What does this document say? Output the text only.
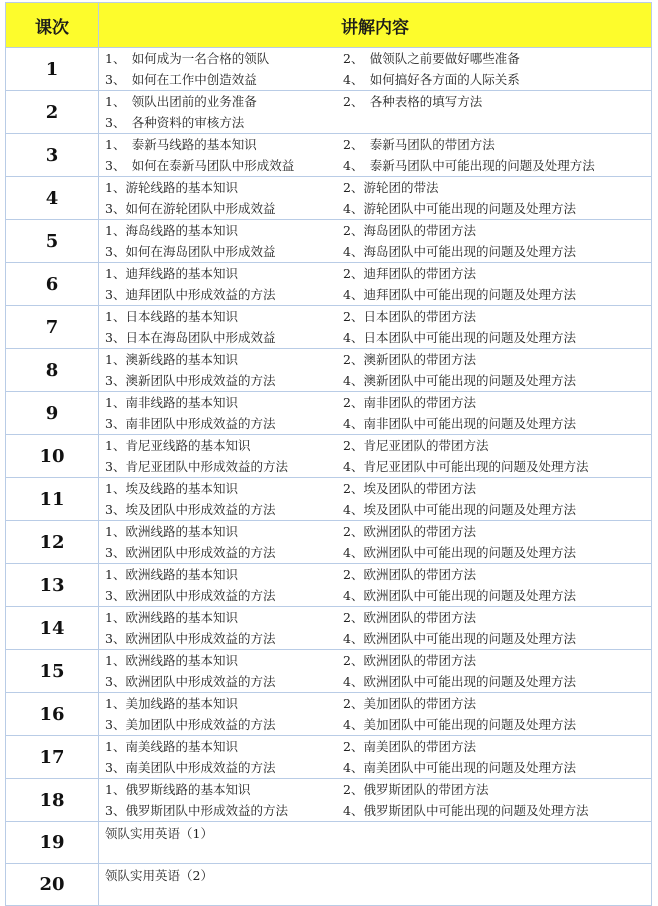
课次	讲解内容
1	1、　如何成为一名合格的领队 2、　做领队之前要做好哪些准备
3、　如何在工作中创造效益 4、　如何搞好各方面的人际关系

2	1、　领队出团前的业务准备 2、　各种表格的填写方法
3、　各种资料的审核方法

3	1、　泰新马线路的基本知识 2、　泰新马团队的带团方法
3、　如何在泰新马团队中形成效益 4、　泰新马团队中可能出现的问题及处理方法

4	1、游轮线路的基本知识 2、游轮团的带法
3、如何在游轮团队中形成效益 4、游轮团队中可能出现的问题及处理方法

5	1、海岛线路的基本知识 2、海岛团队的带团方法
3、如何在海岛团队中形成效益 4、海岛团队中可能出现的问题及处理方法

6	1、迪拜线路的基本知识 2、迪拜团队的带团方法
3、迪拜团队中形成效益的方法 4、迪拜团队中可能出现的问题及处理方法

7	1、日本线路的基本知识 2、日本团队的带团方法
3、日本在海岛团队中形成效益 4、日本团队中可能出现的问题及处理方法

8	1、澳新线路的基本知识 2、澳新团队的带团方法
3、澳新团队中形成效益的方法 4、澳新团队中可能出现的问题及处理方法

9	1、南非线路的基本知识 2、南非团队的带团方法
3、南非团队中形成效益的方法 4、南非团队中可能出现的问题及处理方法

10	1、肯尼亚线路的基本知识 2、肯尼亚团队的带团方法
3、肯尼亚团队中形成效益的方法 4、肯尼亚团队中可能出现的问题及处理方法

11	1、埃及线路的基本知识 2、埃及团队的带团方法
3、埃及团队中形成效益的方法 4、埃及团队中可能出现的问题及处理方法

12	1、欧洲线路的基本知识 2、欧洲团队的带团方法
3、欧洲团队中形成效益的方法 4、欧洲团队中可能出现的问题及处理方法

13	1、欧洲线路的基本知识 2、欧洲团队的带团方法
3、欧洲团队中形成效益的方法 4、欧洲团队中可能出现的问题及处理方法

14	1、欧洲线路的基本知识 2、欧洲团队的带团方法
3、欧洲团队中形成效益的方法 4、欧洲团队中可能出现的问题及处理方法

15	1、欧洲线路的基本知识 2、欧洲团队的带团方法
3、欧洲团队中形成效益的方法 4、欧洲团队中可能出现的问题及处理方法

16	1、美加线路的基本知识 2、美加团队的带团方法
3、美加团队中形成效益的方法 4、美加团队中可能出现的问题及处理方法

17	1、南美线路的基本知识 2、南美团队的带团方法
3、南美团队中形成效益的方法 4、南美团队中可能出现的问题及处理方法

18	1、俄罗斯线路的基本知识 2、俄罗斯团队的带团方法
3、俄罗斯团队中形成效益的方法 4、俄罗斯团队中可能出现的问题及处理方法

19	领队实用英语（1）

20	领队实用英语（2）
